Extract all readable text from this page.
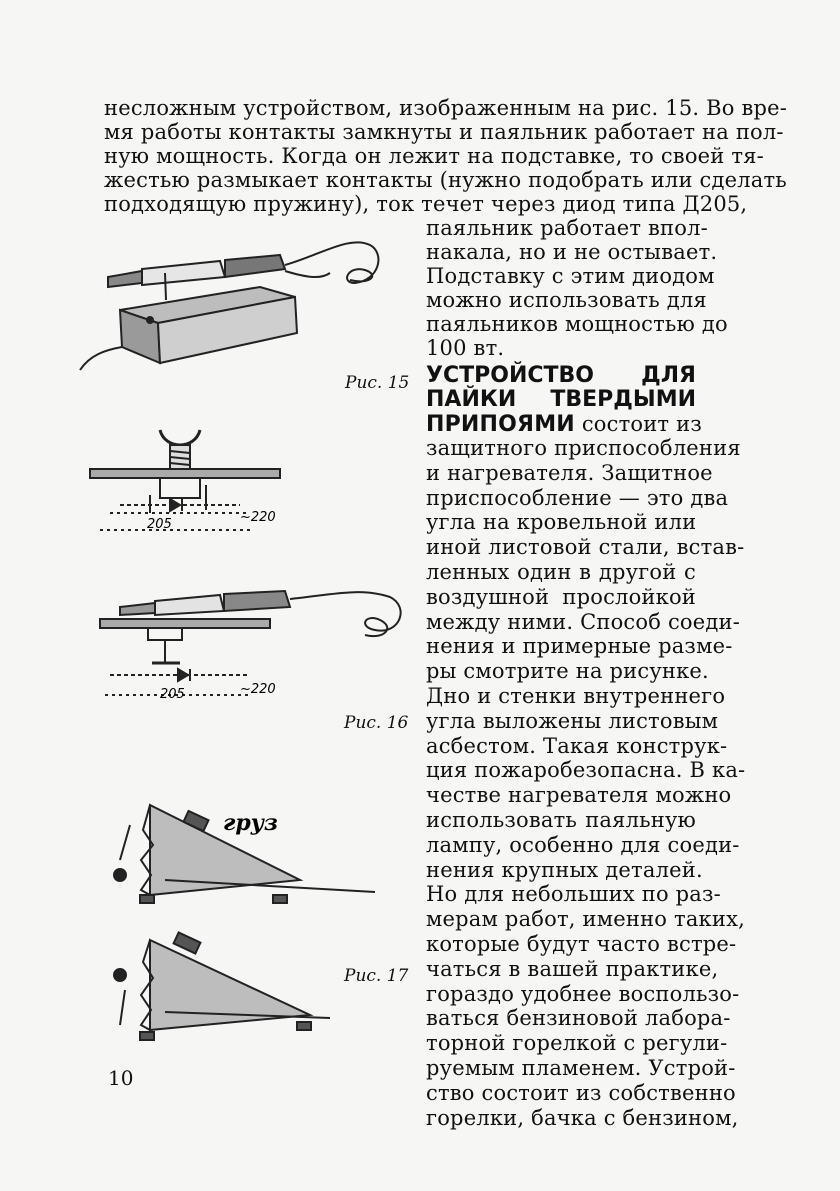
несложным устройством, изображенным на рис. 15. Во вре-
мя работы контакты замкнуты и паяльник работает на пол-
ную мощность. Когда он лежит на подставке, то своей тя-
жестью размыкает контакты (нужно подобрать или сделать
подходящую пружину), ток течет через диод типа Д205,
паяльник работает впол-
накала, но и не остывает.
Подставку с этим диодом
можно использовать для
паяльников мощностью до
100 вт.
УСТРОЙСТВО ДЛЯ
ПАЙКИ ТВЕРДЫМИ
ПРИПОЯМИ состоит из
защитного приспособления
и нагревателя. Защитное
приспособление — это два
угла на кровельной или
иной листовой стали, встав-
ленных один в другой с
воздушной прослойкой
между ними. Способ соеди-
нения и примерные разме-
ры смотрите на рисунке.
Дно и стенки внутреннего
угла выложены листовым
асбестом. Такая конструк-
ция пожаробезопасна. В ка-
честве нагревателя можно
использовать паяльную
лампу, особенно для соеди-
нения крупных деталей.
Но для небольших по раз-
мерам работ, именно таких,
которые будут часто встре-
чаться в вашей практике,
гораздо удобнее воспользо-
ваться бензиновой лабора-
торной горелкой с регули-
руемым пламенем. Устрой-
ство состоит из собственно
горелки, бачка с бензином,
10
Рис. 15
205	~220
205	~220
Рис. 16
груз
Рис. 17
